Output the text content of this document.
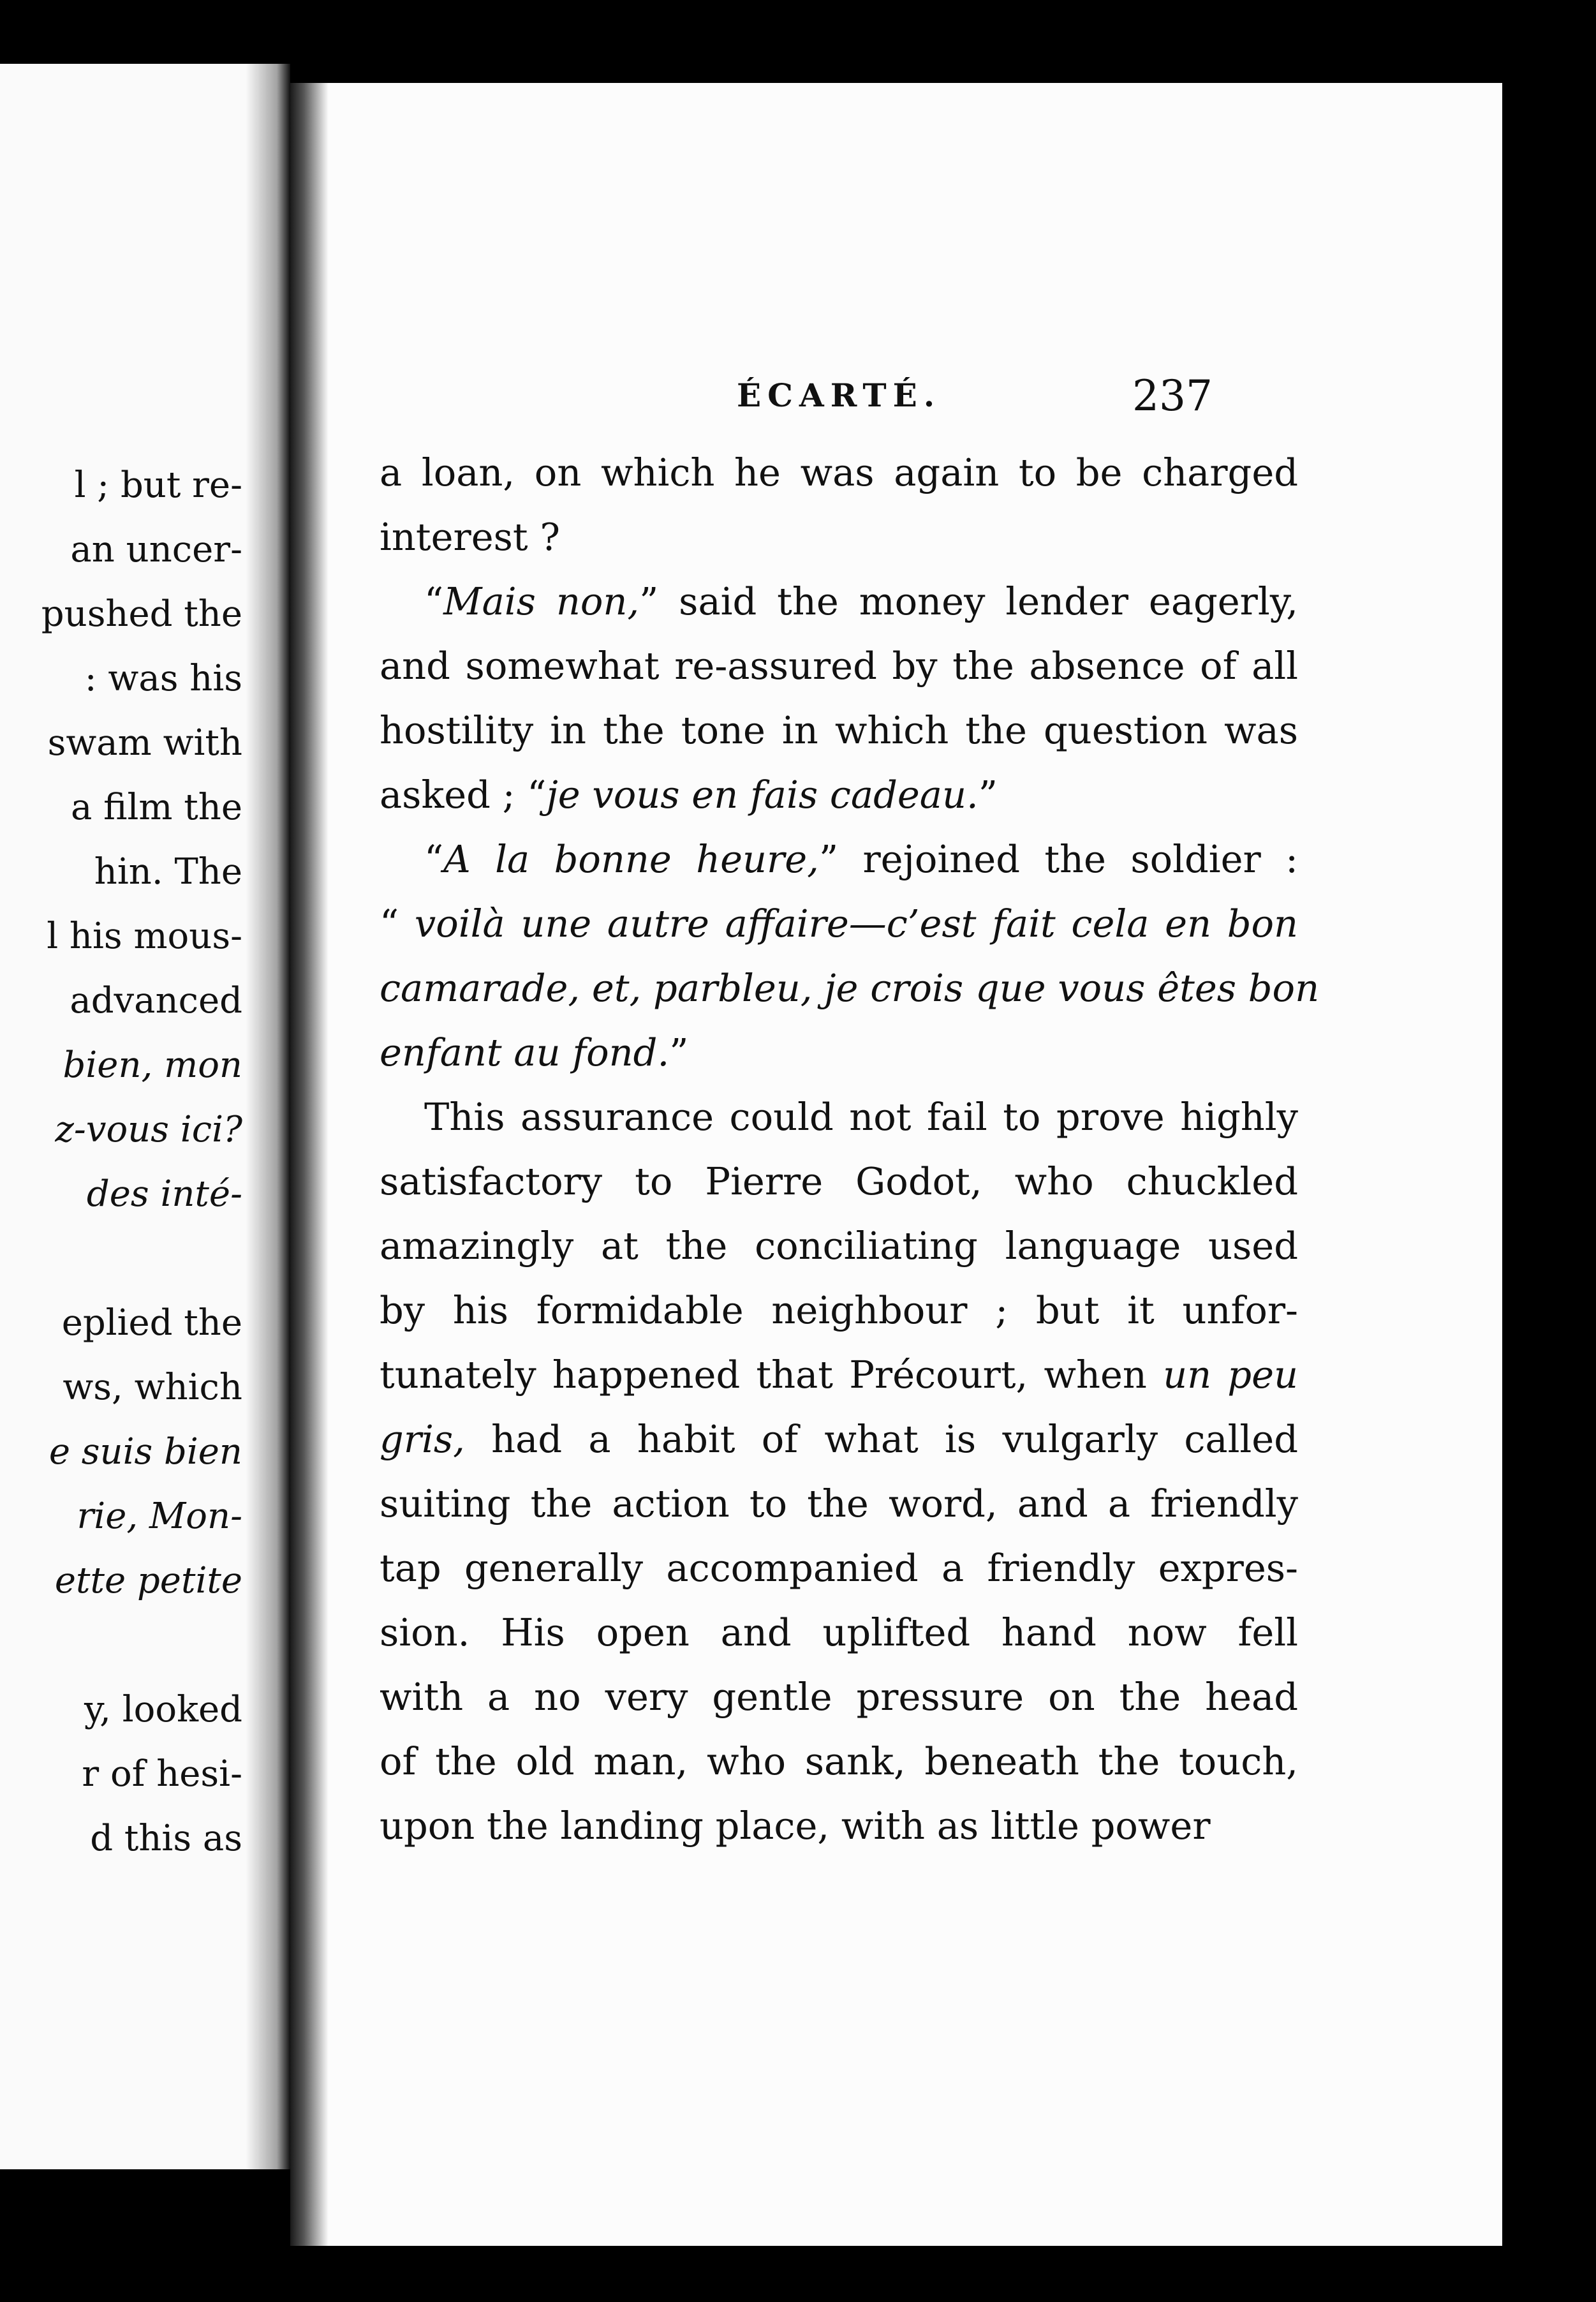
l ; but re-
an uncer-
pushed the
: was his
swam with
a film the
hin. The
l his mous-
advanced
bien, mon
z-vous ici?
des inté-
eplied the
ws, which
e suis bien
rie, Mon-
ette petite
y, looked
r of hesi-
d this as
ÉCARTÉ.	237

a loan, on which he was again to be charged
interest ?

“Mais non,” said the money lender eagerly,
and somewhat re-assured by the absence of all
hostility in the tone in which the question was
asked ; “je vous en fais cadeau.”

“A la bonne heure,” rejoined the soldier :
“ voilà une autre affaire—c’est fait cela en bon
camarade, et, parbleu, je crois que vous êtes bon
enfant au fond.”

This assurance could not fail to prove highly
satisfactory to Pierre Godot, who chuckled
amazingly at the conciliating language used
by his formidable neighbour ; but it unfor-
tunately happened that Précourt, when un peu
gris, had a habit of what is vulgarly called
suiting the action to the word, and a friendly
tap generally accompanied a friendly expres-
sion. His open and uplifted hand now fell
with a no very gentle pressure on the head
of the old man, who sank, beneath the touch,
upon the landing place, with as little power
